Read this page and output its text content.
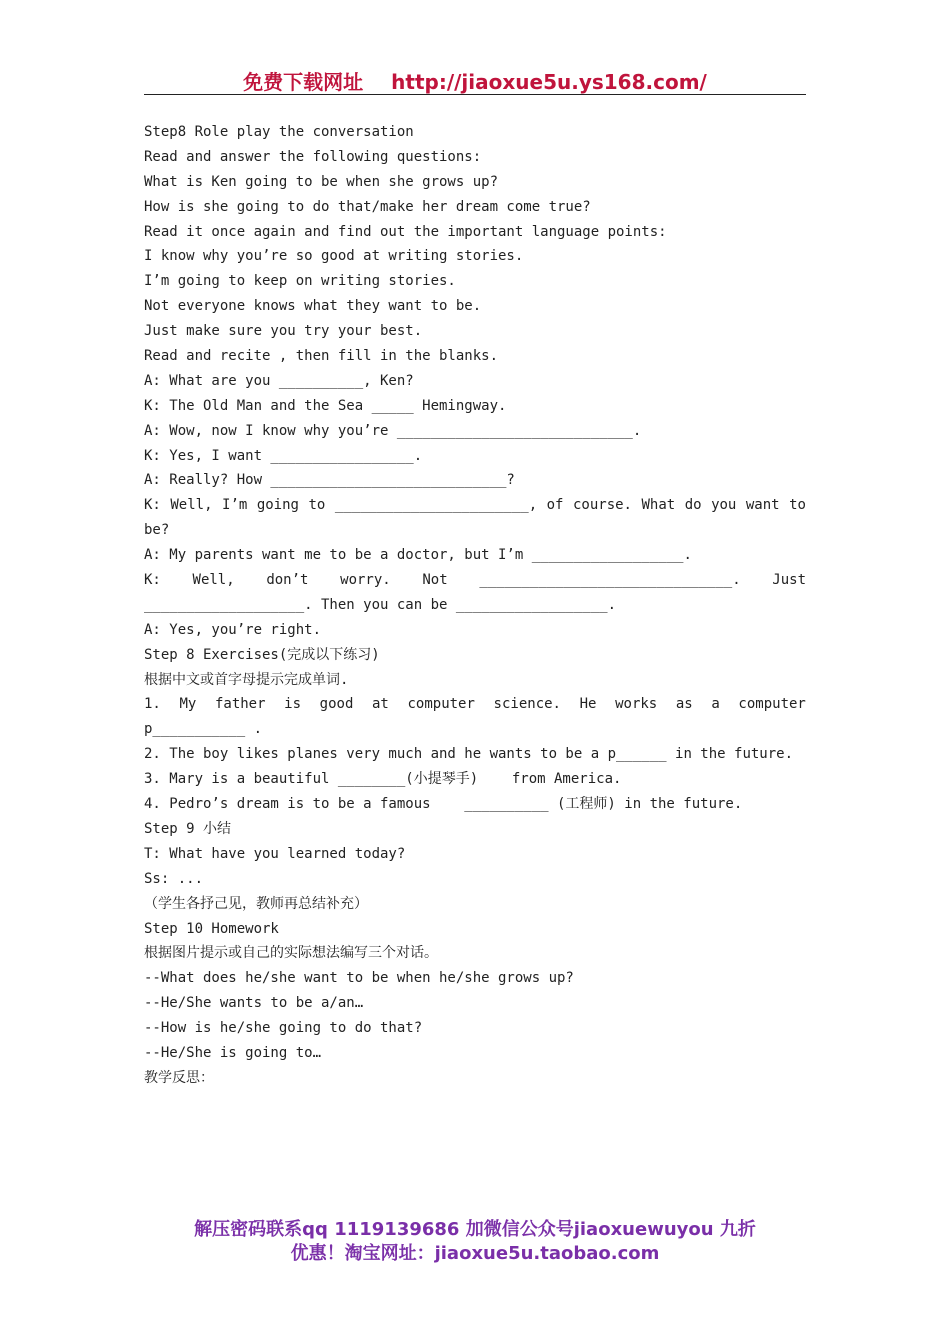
免费下载网址 http://jiaoxue5u.ys168.com/
Step8 Role play the conversation
Read and answer the following questions:
What is Ken going to be when she grows up?
How is she going to do that/make her dream come true?
Read it once again and find out the important language points:
I know why you’re so good at writing stories.
I’m going to keep on writing stories.
Not everyone knows what they want to be.
Just make sure you try your best.
Read and recite , then fill in the blanks.
A: What are you __________, Ken?
K: The Old Man and the Sea _____ Hemingway.
A: Wow, now I know why you’re ____________________________.
K: Yes, I want _________________.
A: Really? How ____________________________?
K: Well, I’m going to _______________________, of course. What do you want to
be?
A: My parents want me to be a doctor, but I’m __________________.
K: Well, don’t worry. Not ______________________________. Just
___________________. Then you can be __________________.
A: Yes, you’re right.
Step 8 Exercises(完成以下练习)
根据中文或首字母提示完成单词.
1. My father is good at computer science. He works as a computer
p___________ .
2. The boy likes planes very much and he wants to be a p______ in the future.
3. Mary is a beautiful ________(小提琴手)    from America.
4. Pedro’s dream is to be a famous    __________ (工程师) in the future.
Step 9 小结
T: What have you learned today?
Ss: ...
（学生各抒己见，教师再总结补充）
Step 10 Homework
根据图片提示或自己的实际想法编写三个对话。
--What does he/she want to be when he/she grows up?
--He/She wants to be a/an…
--How is he/she going to do that?
--He/She is going to…
教学反思：
解压密码联系qq 1119139686 加微信公众号jiaoxuewuyou 九折
优惠！淘宝网址：jiaoxue5u.taobao.com
